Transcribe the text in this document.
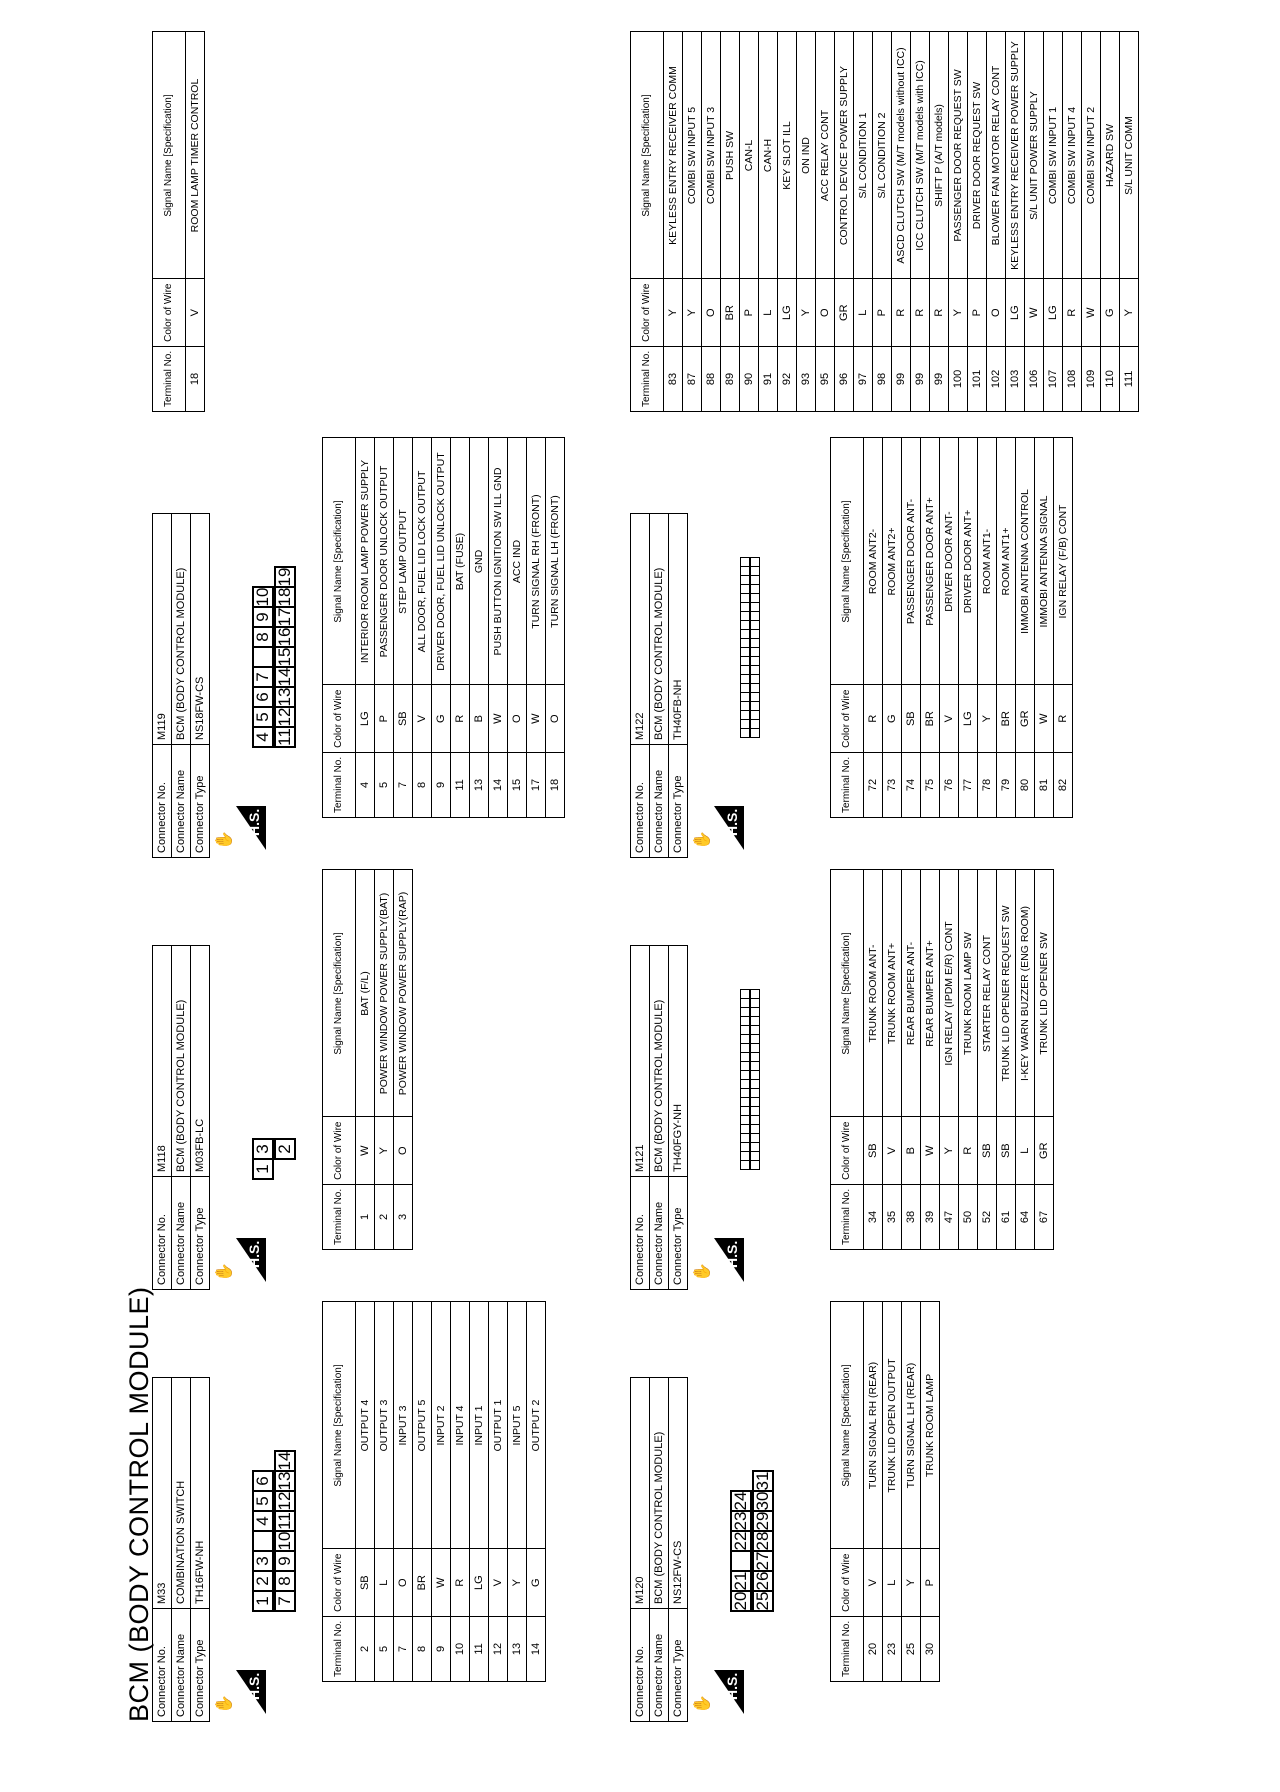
BCM (BODY CONTROL MODULE) Connector No.	M33
Connector Name	COMBINATION SWITCH
Connector Type	TH16FW-NH
✋
H.S.
1
2
3
4
5
6
7
8
9
10
11
12
13
14
Terminal No.	Color of Wire	Signal Name [Specification]
2	SB	OUTPUT 4
5	L	OUTPUT 3
7	O	INPUT 3
8	BR	OUTPUT 5
9	W	INPUT 2
10	R	INPUT 4
11	LG	INPUT 1
12	V	OUTPUT 1
13	Y	INPUT 5
14	G	OUTPUT 2
Connector No.	M118
Connector Name	BCM (BODY CONTROL MODULE)
Connector Type	M03FB-LC
✋
H.S.
1
3 2
Terminal No.	Color of Wire	Signal Name [Specification]
1	W	BAT (F/L)
2	Y	POWER WINDOW POWER SUPPLY(BAT)
3	O	POWER WINDOW POWER SUPPLY(RAP)
Connector No.	M119
Connector Name	BCM (BODY CONTROL MODULE)
Connector Type	NS18FW-CS
✋
H.S.
4
5
6
7
8
9
10
11
12
13
14
15
16
17
18
19
Terminal No.	Color of Wire	Signal Name [Specification]
4	LG	INTERIOR ROOM LAMP POWER SUPPLY
5	P	PASSENGER DOOR UNLOCK OUTPUT
7	SB	STEP LAMP OUTPUT
8	V	ALL DOOR, FUEL LID LOCK OUTPUT
9	G	DRIVER DOOR, FUEL LID UNLOCK OUTPUT
11	R	BAT (FUSE)
13	B	GND
14	W	PUSH BUTTON IGNITION SW ILL GND
15	O	ACC IND
17	W	TURN SIGNAL RH (FRONT)
18	O	TURN SIGNAL LH (FRONT)
Connector No.	M120
Connector Name	BCM (BODY CONTROL MODULE)
Connector Type	NS12FW-CS
✋
H.S.
20
21
22
23
24
25
26
27
28
29
30
31
Terminal No.	Color of Wire	Signal Name [Specification]
20	V	TURN SIGNAL RH (REAR)
23	L	TRUNK LID OPEN OUTPUT
25	Y	TURN SIGNAL LH (REAR)
30	P	TRUNK ROOM LAMP
Connector No.	M121
Connector Name	BCM (BODY CONTROL MODULE)
Connector Type	TH40FGY-NH
✋
H.S.
Terminal No.	Color of Wire	Signal Name [Specification]
34	SB	TRUNK ROOM ANT-
35	V	TRUNK ROOM ANT+
38	B	REAR BUMPER ANT-
39	W	REAR BUMPER ANT+
47	Y	IGN RELAY (IPDM E/R) CONT
50	R	TRUNK ROOM LAMP SW
52	SB	STARTER RELAY CONT
61	SB	TRUNK LID OPENER REQUEST SW
64	L	I-KEY WARN BUZZER (ENG ROOM)
67	GR	TRUNK LID OPENER SW
Connector No.	M122
Connector Name	BCM (BODY CONTROL MODULE)
Connector Type	TH40FB-NH
✋
H.S.
Terminal No.	Color of Wire	Signal Name [Specification]
72	R	ROOM ANT2-
73	G	ROOM ANT2+
74	SB	PASSENGER DOOR ANT-
75	BR	PASSENGER DOOR ANT+
76	V	DRIVER DOOR ANT-
77	LG	DRIVER DOOR ANT+
78	Y	ROOM ANT1-
79	BR	ROOM ANT1+
80	GR	IMMOBI ANTENNA CONTROL
81	W	IMMOBI ANTENNA SIGNAL
82	R	IGN RELAY (F/B) CONT
Terminal No.	Color of Wire	Signal Name [Specification]
18	V	ROOM LAMP TIMER CONTROL
Terminal No.	Color of Wire	Signal Name [Specification]
83	Y	KEYLESS ENTRY RECEIVER COMM
87	Y	COMBI SW INPUT 5
88	O	COMBI SW INPUT 3
89	BR	PUSH SW
90	P	CAN-L
91	L	CAN-H
92	LG	KEY SLOT ILL
93	Y	ON IND
95	O	ACC RELAY CONT
96	GR	CONTROL DEVICE POWER SUPPLY
97	L	S/L CONDITION 1
98	P	S/L CONDITION 2
99	R	ASCD CLUTCH SW (M/T models without ICC)
99	R	ICC CLUTCH SW (M/T models with ICC)
99	R	SHIFT P (A/T models)
100	Y	PASSENGER DOOR REQUEST SW
101	P	DRIVER DOOR REQUEST SW
102	O	BLOWER FAN MOTOR RELAY CONT
103	LG	KEYLESS ENTRY RECEIVER POWER SUPPLY
106	W	S/L UNIT POWER SUPPLY
107	LG	COMBI SW INPUT 1
108	R	COMBI SW INPUT 4
109	W	COMBI SW INPUT 2
110	G	HAZARD SW
111	Y	S/L UNIT COMM
